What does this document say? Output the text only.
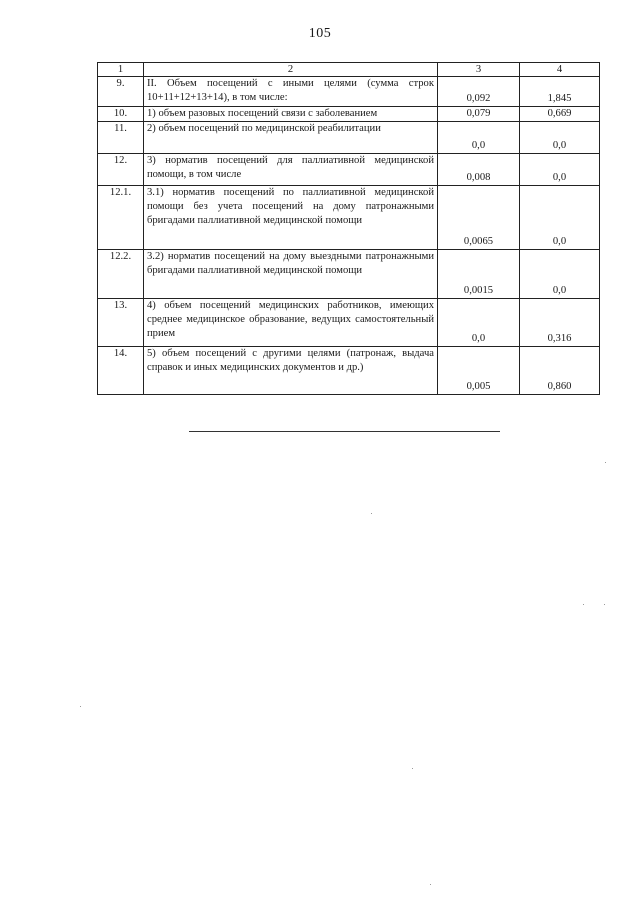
105
1	2	3	4
9.	II. Объем посещений с иными целями (сумма строк 10+11+12+13+14), в том числе:	0,092	1,845
10.	1) объем разовых посещений связи с заболеванием	0,079	0,669
11.	2) объем посещений по медицинской реабилитации	0,0	0,0
12.	3) норматив посещений для паллиативной медицинской помощи, в том числе	0,008	0,0
12.1.	3.1) норматив посещений по паллиативной медицинской помощи без учета посещений на дому патронажными бригадами паллиативной медицинской помощи	0,0065	0,0
12.2.	3.2) норматив посещений на дому выездными патронажными бригадами паллиативной медицинской помощи	0,0015	0,0
13.	4) объем посещений медицинских работников, имеющих среднее медицинское образование, ведущих самостоятельный прием	0,0	0,316
14.	5) объем посещений с другими целями (патронаж, выдача справок и иных медицинских документов и др.)	0,005	0,860
